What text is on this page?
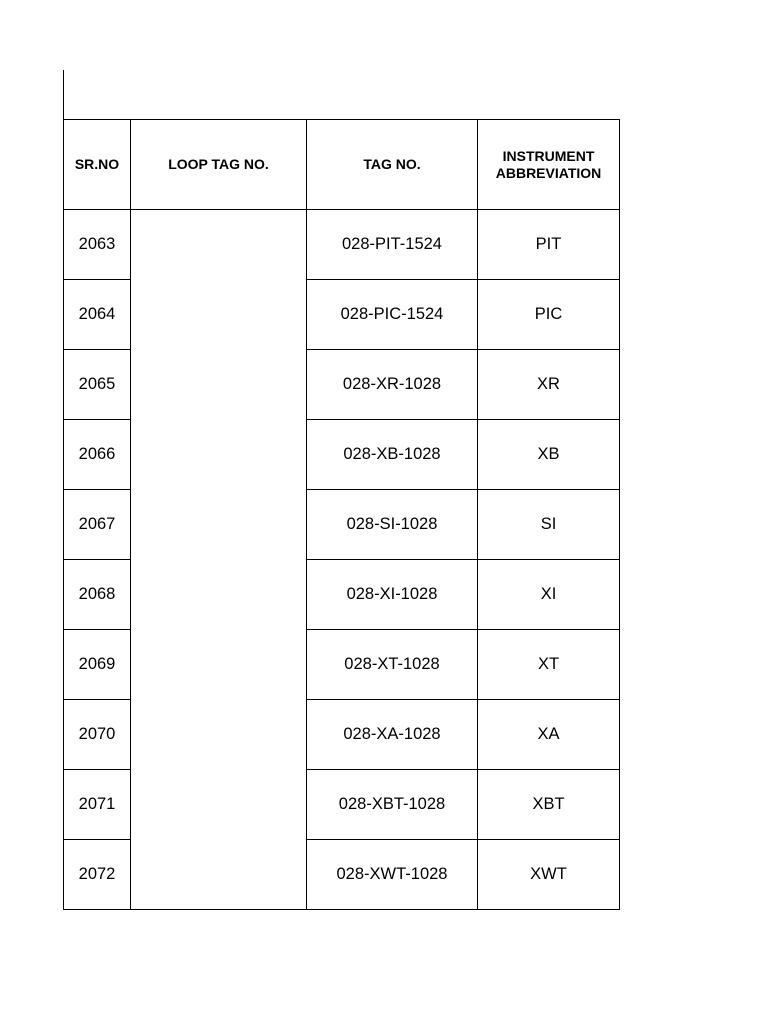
SR.NO	LOOP TAG NO.	TAG NO.	INSTRUMENT
ABBREVIATION
2063		028-PIT-1524	PIT
2064		028-PIC-1524	PIC
2065		028-XR-1028	XR
2066		028-XB-1028	XB
2067		028-SI-1028	SI
2068		028-XI-1028	XI
2069		028-XT-1028	XT
2070		028-XA-1028	XA
2071		028-XBT-1028	XBT
2072		028-XWT-1028	XWT
